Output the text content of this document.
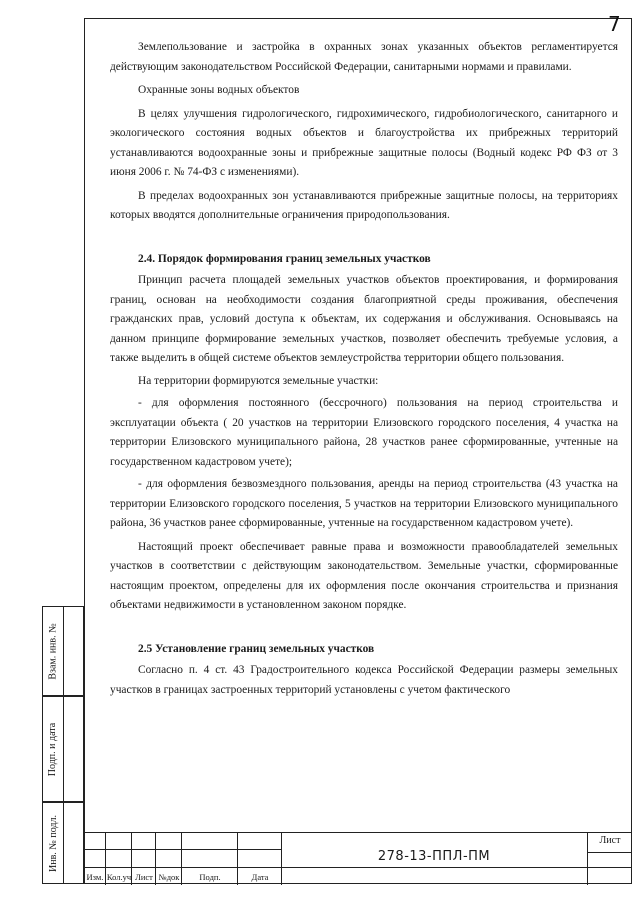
7

Землепользование и застройка в охранных зонах указанных объектов регламентируется действующим законодательством Российской Федерации, санитарными нормами и правилами.

Охранные зоны водных объектов

В целях улучшения гидрологического, гидрохимического, гидробиологического, санитарного и экологического состояния водных объектов и благоустройства их прибрежных территорий устанавливаются водоохранные зоны и прибрежные защитные полосы (Водный кодекс РФ ФЗ от 3 июня 2006 г. № 74-ФЗ с изменениями).

В пределах водоохранных зон устанавливаются прибрежные защитные полосы, на территориях которых вводятся дополнительные ограничения природопользования.

2.4. Порядок формирования границ земельных участков

Принцип расчета площадей земельных участков объектов проектирования, и формирования границ, основан на необходимости создания благоприятной среды проживания, обеспечения гражданских прав, условий доступа к объектам, их содержания и обслуживания. Основываясь на данном принципе формирование земельных участков, позволяет обеспечить требуемые условия, а также выделить в общей системе объектов землеустройства территории общего пользования.

На территории формируются земельные участки:

- для оформления постоянного (бессрочного) пользования на период строительства и эксплуатации объекта ( 20 участков на территории Елизовского городского поселения, 4 участка на территории Елизовского муниципального района, 28 участков ранее сформированные, учтенные на государственном кадастровом учете);

- для оформления безвозмездного пользования, аренды на период строительства (43 участка на территории Елизовского городского поселения, 5 участков на территории Елизовского муниципального района, 36 участков ранее сформированные, учтенные на государственном кадастровом учете).

Настоящий проект обеспечивает равные права и возможности правообладателей земельных участков в соответствии с действующим законодательством. Земельные участки, сформированные настоящим проектом, определены для их оформления после окончания строительства и признания объектами недвижимости в установленном законом порядке.

2.5 Установление границ земельных участков

Согласно п. 4 ст. 43 Градостроительного кодекса Российской Федерации размеры земельных участков в границах застроенных территорий установлены с учетом фактического

Взам. инв. №
Подп. и дата
Инв. № подл.
Изм. Кол.уч Лист №док	Подп.	Дата
278-13-ППЛ-ПМ
Лист
